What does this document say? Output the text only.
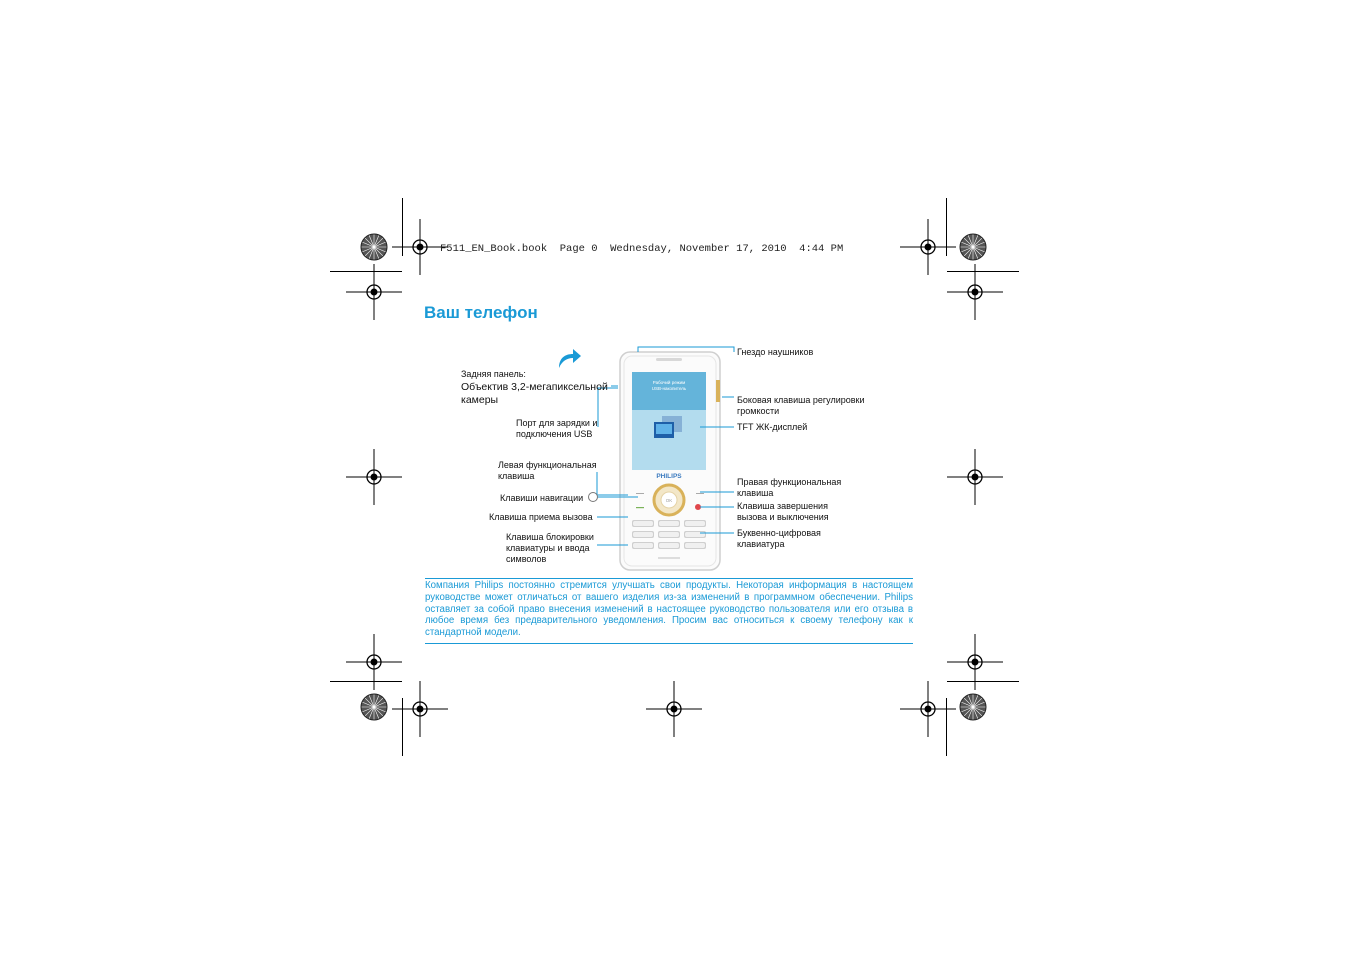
F511_EN_Book.book  Page 0  Wednesday, November 17, 2010  4:44 PM
Ваш телефон
Рабочий режим
USB-накопитель
PHILIPS
OK
Задняя панель:
Объектив 3,2-мегапиксельной камеры
Порт для зарядки и подключения USB
Левая функциональная клавиша
Клавиши навигации
Клавиша приема вызова
Клавиша блокировки клавиатуры и ввода символов
Гнездо наушников
Боковая клавиша регулировки громкости
TFT ЖК-дисплей
Правая функциональная клавиша
Клавиша завершения вызова и выключения
Буквенно-цифровая клавиатура
Компания Philips постоянно стремится улучшать свои продукты. Некоторая информация в настоящем руководстве может отличаться от вашего изделия из-за изменений в программном обеспечении. Philips оставляет за собой право внесения изменений в настоящее руководство пользователя или его отзыва в любое время без предварительного уведомления. Просим вас относиться к своему телефону как к стандартной модели.
